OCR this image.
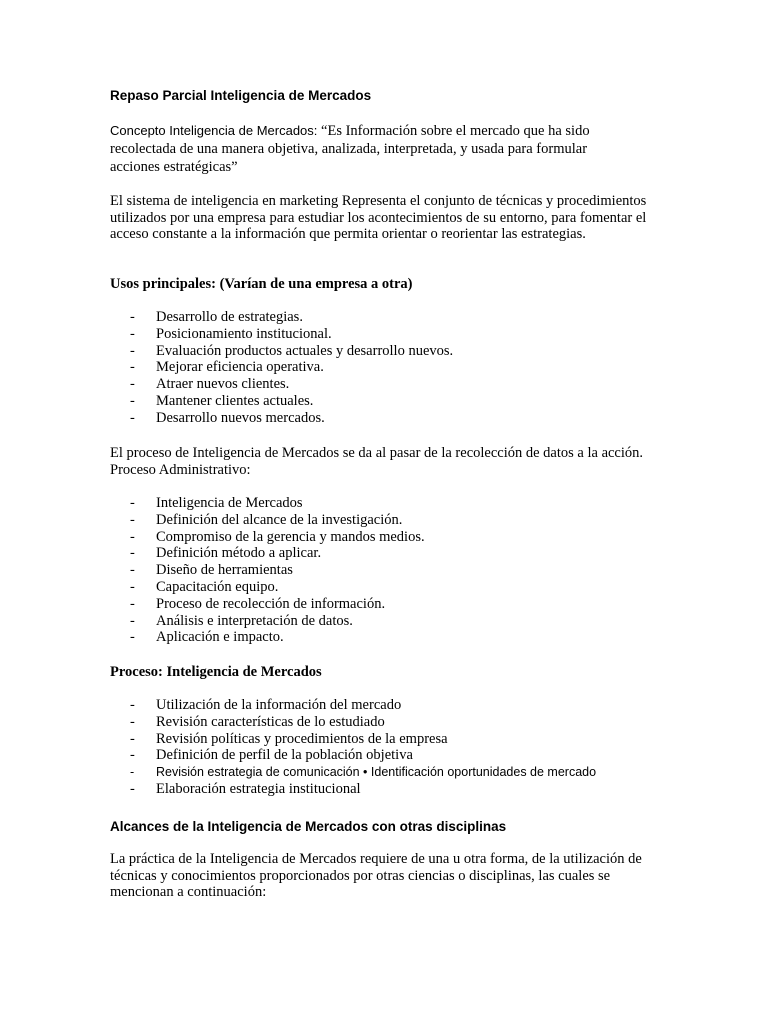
Repaso Parcial Inteligencia de Mercados
Concepto Inteligencia de Mercados: “Es Información sobre el mercado que ha sido
recolectada de una manera objetiva, analizada, interpretada, y usada para formular
acciones estratégicas”
El sistema de inteligencia en marketing Representa el conjunto de técnicas y procedimientos utilizados por una empresa para estudiar los acontecimientos de su entorno, para fomentar el acceso constante a la información que permita orientar o reorientar las estrategias.
Usos principales: (Varían de una empresa a otra)
- Desarrollo de estrategias.
- Posicionamiento institucional.
- Evaluación productos actuales y desarrollo nuevos.
- Mejorar eficiencia operativa.
- Atraer nuevos clientes.
- Mantener clientes actuales.
- Desarrollo nuevos mercados.
El proceso de Inteligencia de Mercados se da al pasar de la recolección de datos a la acción. Proceso Administrativo:
- Inteligencia de Mercados
- Definición del alcance de la investigación.
- Compromiso de la gerencia y mandos medios.
- Definición método a aplicar.
- Diseño de herramientas
- Capacitación equipo.
- Proceso de recolección de información.
- Análisis e interpretación de datos.
- Aplicación e impacto.
Proceso: Inteligencia de Mercados
- Utilización de la información del mercado
- Revisión características de lo estudiado
- Revisión políticas y procedimientos de la empresa
- Definición de perfil de la población objetiva
- Revisión estrategia de comunicación • Identificación oportunidades de mercado
- Elaboración estrategia institucional
Alcances de la Inteligencia de Mercados con otras disciplinas
La práctica de la Inteligencia de Mercados requiere de una u otra forma, de la utilización de técnicas y conocimientos proporcionados por otras ciencias o disciplinas, las cuales se mencionan a continuación:
